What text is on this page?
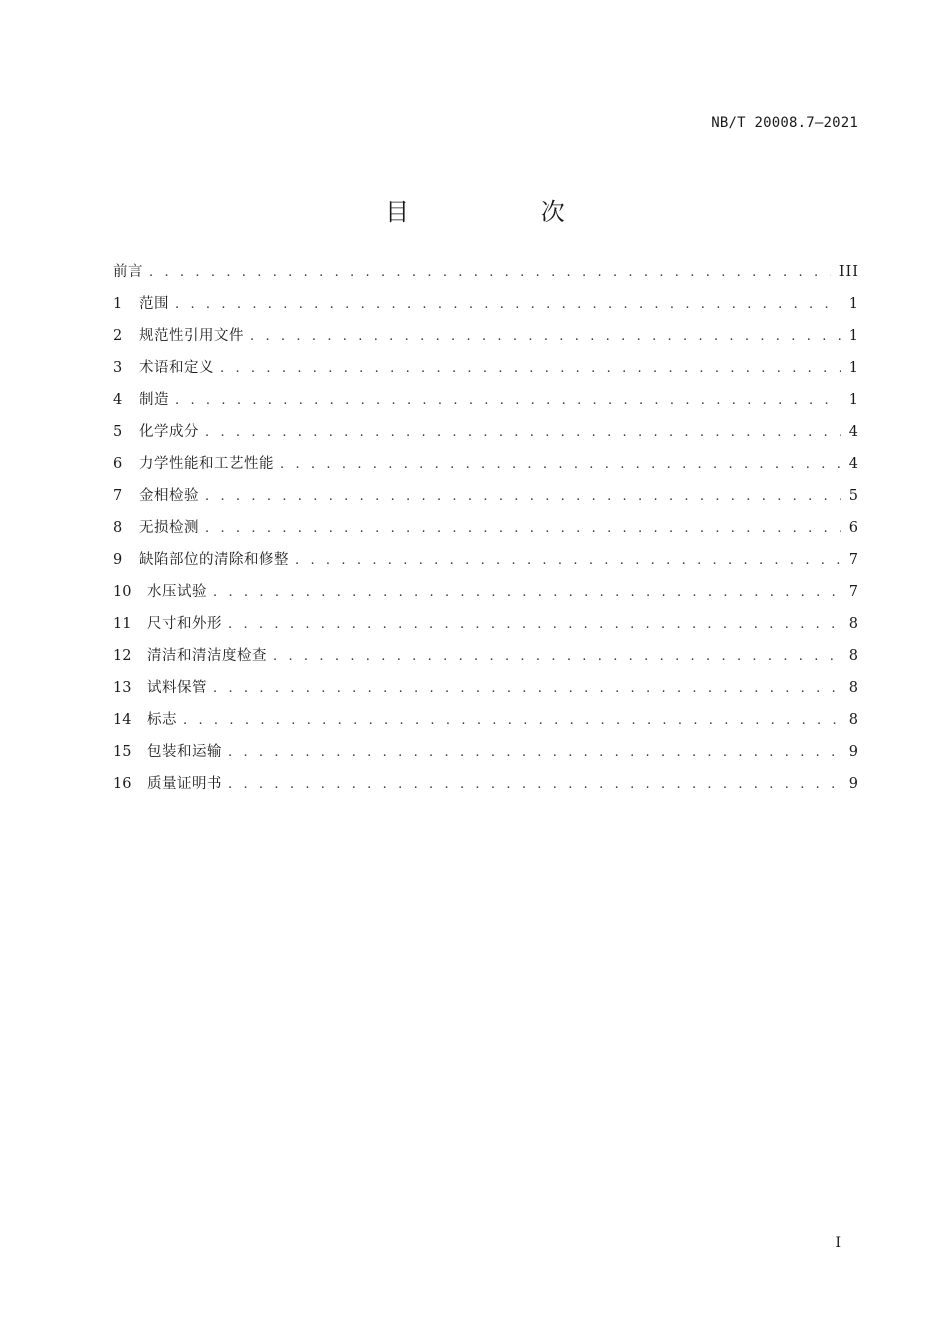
NB/T 20008.7—2021
目 次
前言 . . .	III
1	范围 . . .	1
2	规范性引用文件 . . .	1
3	术语和定义 . . .	1
4	制造 . . .	1
5	化学成分 . . .	4
6	力学性能和工艺性能 . . .	4
7	金相检验 . . .	5
8	无损检测 . . .	6
9	缺陷部位的清除和修整 . . .	7
10	水压试验 . . .	7
11	尺寸和外形 . . .	8
12	清洁和清洁度检查 . . .	8
13	试料保管 . . .	8
14	标志 . . .	8
15	包装和运输 . . .	9
16	质量证明书 . . .	9
I
